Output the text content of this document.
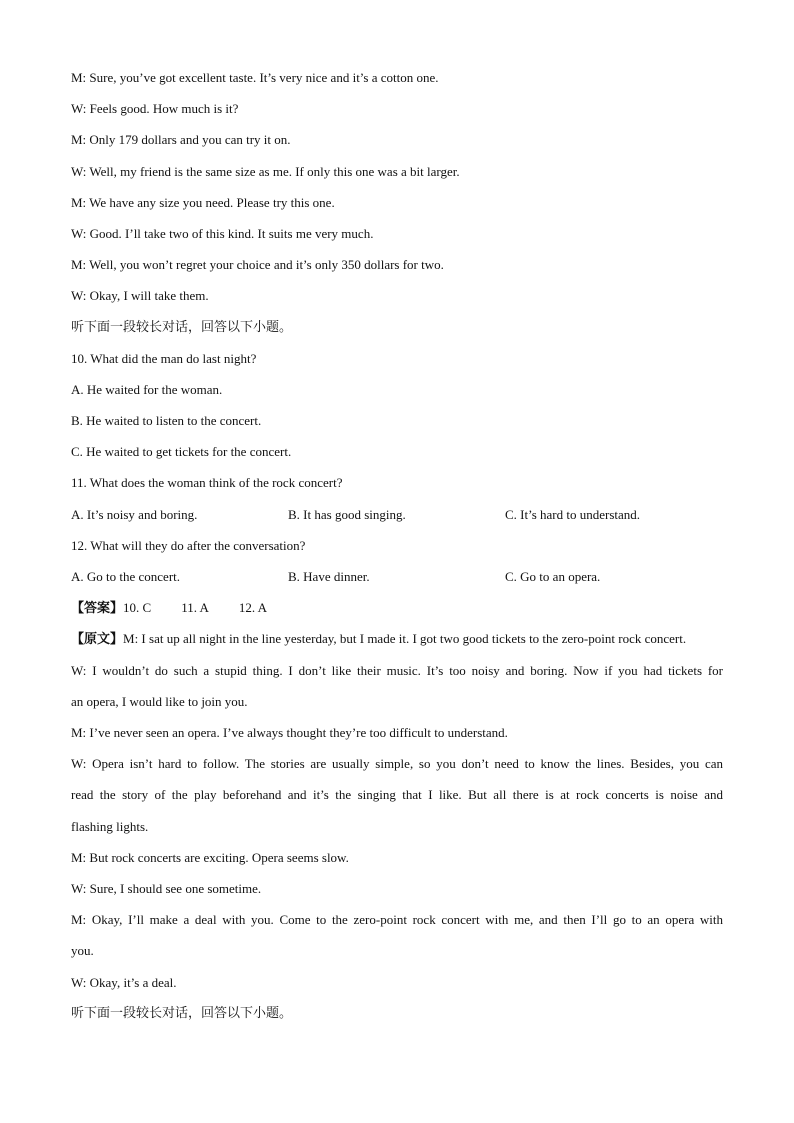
M: Sure, you’ve got excellent taste. It’s very nice and it’s a cotton one.
W: Feels good. How much is it?
M: Only 179 dollars and you can try it on.
W: Well, my friend is the same size as me. If only this one was a bit larger.
M: We have any size you need. Please try this one.
W: Good. I’ll take two of this kind. It suits me very much.
M: Well, you won’t regret your choice and it’s only 350 dollars for two.
W: Okay, I will take them.
听下面一段较长对话，回答以下小题。
10. What did the man do last night?
A. He waited for the woman.
B. He waited to listen to the concert.
C. He waited to get tickets for the concert.
11. What does the woman think of the rock concert?
A. It’s noisy and boring.	B. It has good singing.	C. It’s hard to understand.
12. What will they do after the conversation?
A. Go to the concert.	B. Have dinner.	C. Go to an opera.
【答案】10. C 11. A 12. A
【原文】M: I sat up all night in the line yesterday, but I made it. I got two good tickets to the zero-point rock concert.
W: I wouldn’t do such a stupid thing. I don’t like their music. It’s too noisy and boring. Now if you had tickets for
an opera, I would like to join you.
M: I’ve never seen an opera. I’ve always thought they’re too difficult to understand.
W: Opera isn’t hard to follow. The stories are usually simple, so you don’t need to know the lines. Besides, you can
read the story of the play beforehand and it’s the singing that I like. But all there is at rock concerts is noise and
flashing lights.
M: But rock concerts are exciting. Opera seems slow.
W: Sure, I should see one sometime.
M: Okay, I’ll make a deal with you. Come to the zero-point rock concert with me, and then I’ll go to an opera with
you.
W: Okay, it’s a deal.
听下面一段较长对话，回答以下小题。
